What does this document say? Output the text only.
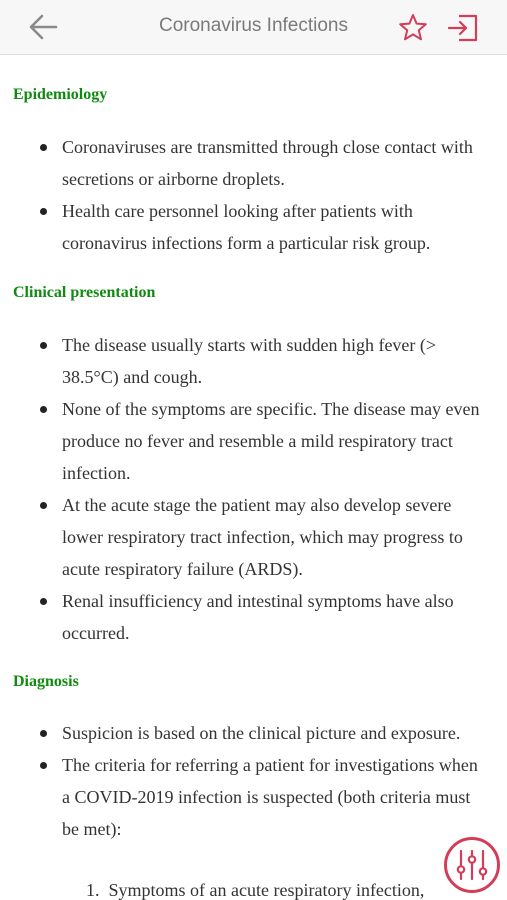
Coronavirus Infections
Epidemiology
Coronaviruses are transmitted through close contact with secretions or airborne droplets.
Health care personnel looking after patients with coronavirus infections form a particular risk group.
Clinical presentation
The disease usually starts with sudden high fever (> 38.5°C) and cough.
None of the symptoms are specific. The disease may even produce no fever and resemble a mild respiratory tract infection.
At the acute stage the patient may also develop severe lower respiratory tract infection, which may progress to acute respiratory failure (ARDS).
Renal insufficiency and intestinal symptoms have also occurred.
Diagnosis
Suspicion is based on the clinical picture and exposure.
The criteria for referring a patient for investigations when a COVID-2019 infection is suspected (both criteria must be met):
1. Symptoms of an acute respiratory infection,
